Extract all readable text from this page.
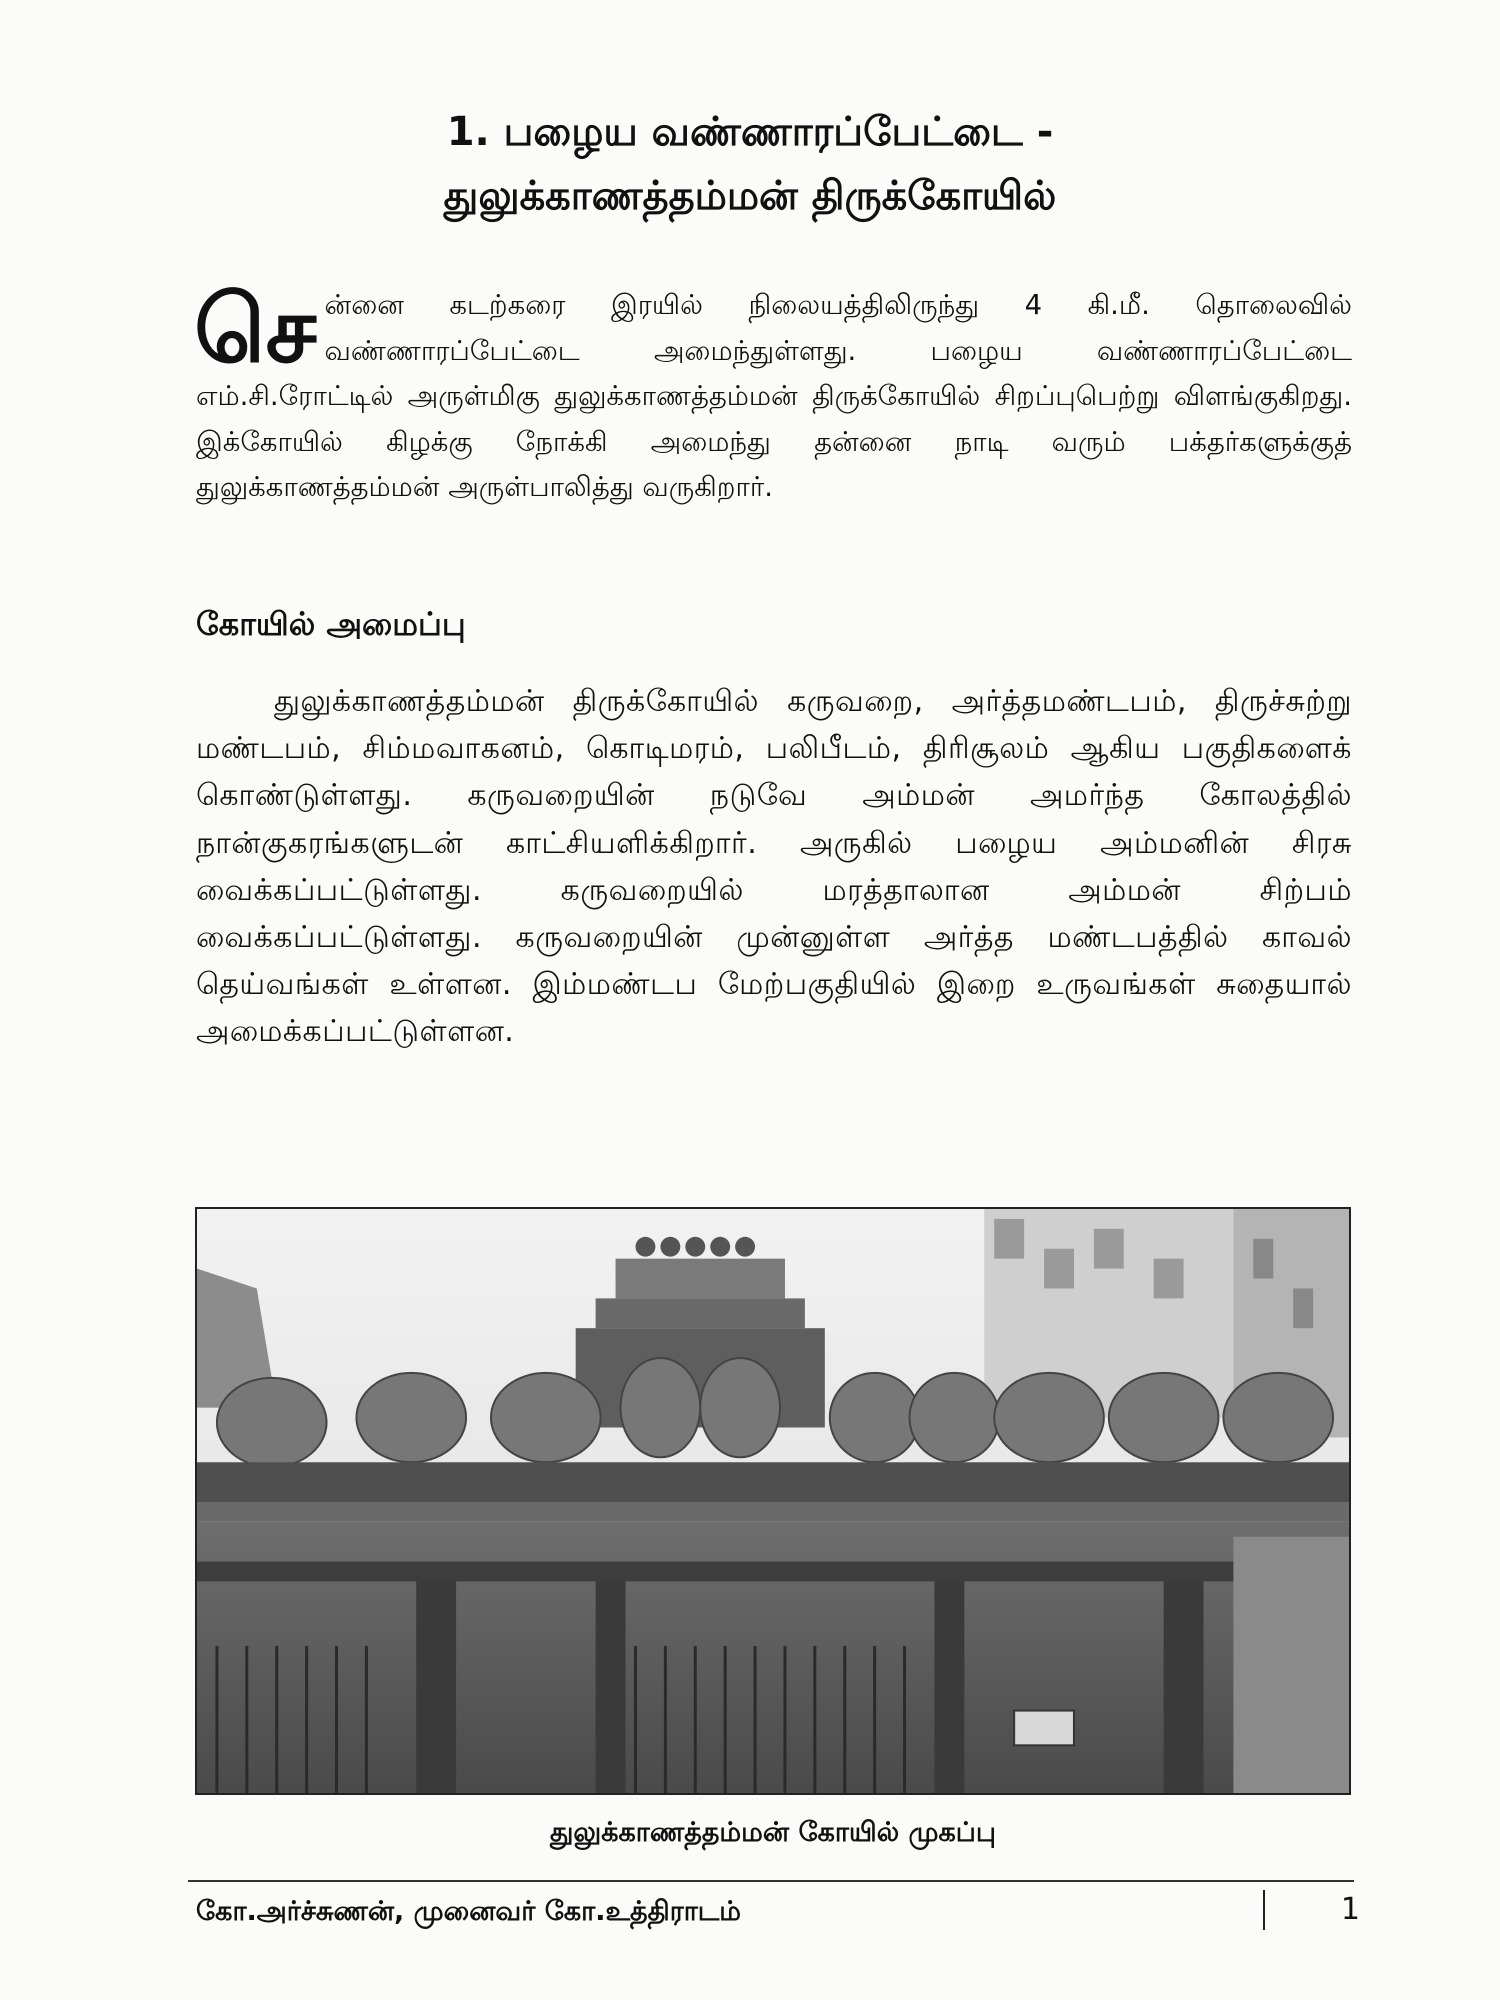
1. பழைய வண்ணாரப்பேட்டை -
துலுக்காணத்தம்மன் திருக்கோயில்
சென்னை கடற்கரை இரயில் நிலையத்திலிருந்து 4 கி.மீ. தொலைவில் வண்ணாரப்பேட்டை அமைந்துள்ளது. பழைய வண்ணாரப்பேட்டை எம்.சி.ரோட்டில் அருள்மிகு துலுக்காணத்தம்மன் திருக்கோயில் சிறப்புபெற்று விளங்குகிறது. இக்கோயில் கிழக்கு நோக்கி அமைந்து தன்னை நாடி வரும் பக்தர்களுக்குத் துலுக்காணத்தம்மன் அருள்பாலித்து வருகிறார்.
கோயில் அமைப்பு
துலுக்காணத்தம்மன் திருக்கோயில் கருவறை, அர்த்தமண்டபம், திருச்சுற்று மண்டபம், சிம்மவாகனம், கொடிமரம், பலிபீடம், திரிசூலம் ஆகிய பகுதிகளைக் கொண்டுள்ளது. கருவறையின் நடுவே அம்மன் அமர்ந்த கோலத்தில் நான்குகரங்களுடன் காட்சியளிக்கிறார். அருகில் பழைய அம்மனின் சிரசு வைக்கப்பட்டுள்ளது. கருவறையில் மரத்தாலான அம்மன் சிற்பம் வைக்கப்பட்டுள்ளது. கருவறையின் முன்னுள்ள அர்த்த மண்டபத்தில் காவல் தெய்வங்கள் உள்ளன. இம்மண்டப மேற்பகுதியில் இறை உருவங்கள் சுதையால் அமைக்கப்பட்டுள்ளன.
துலுக்காணத்தம்மன் கோயில் முகப்பு
கோ.அர்ச்சுணன், முனைவர் கோ.உத்திராடம்	1
